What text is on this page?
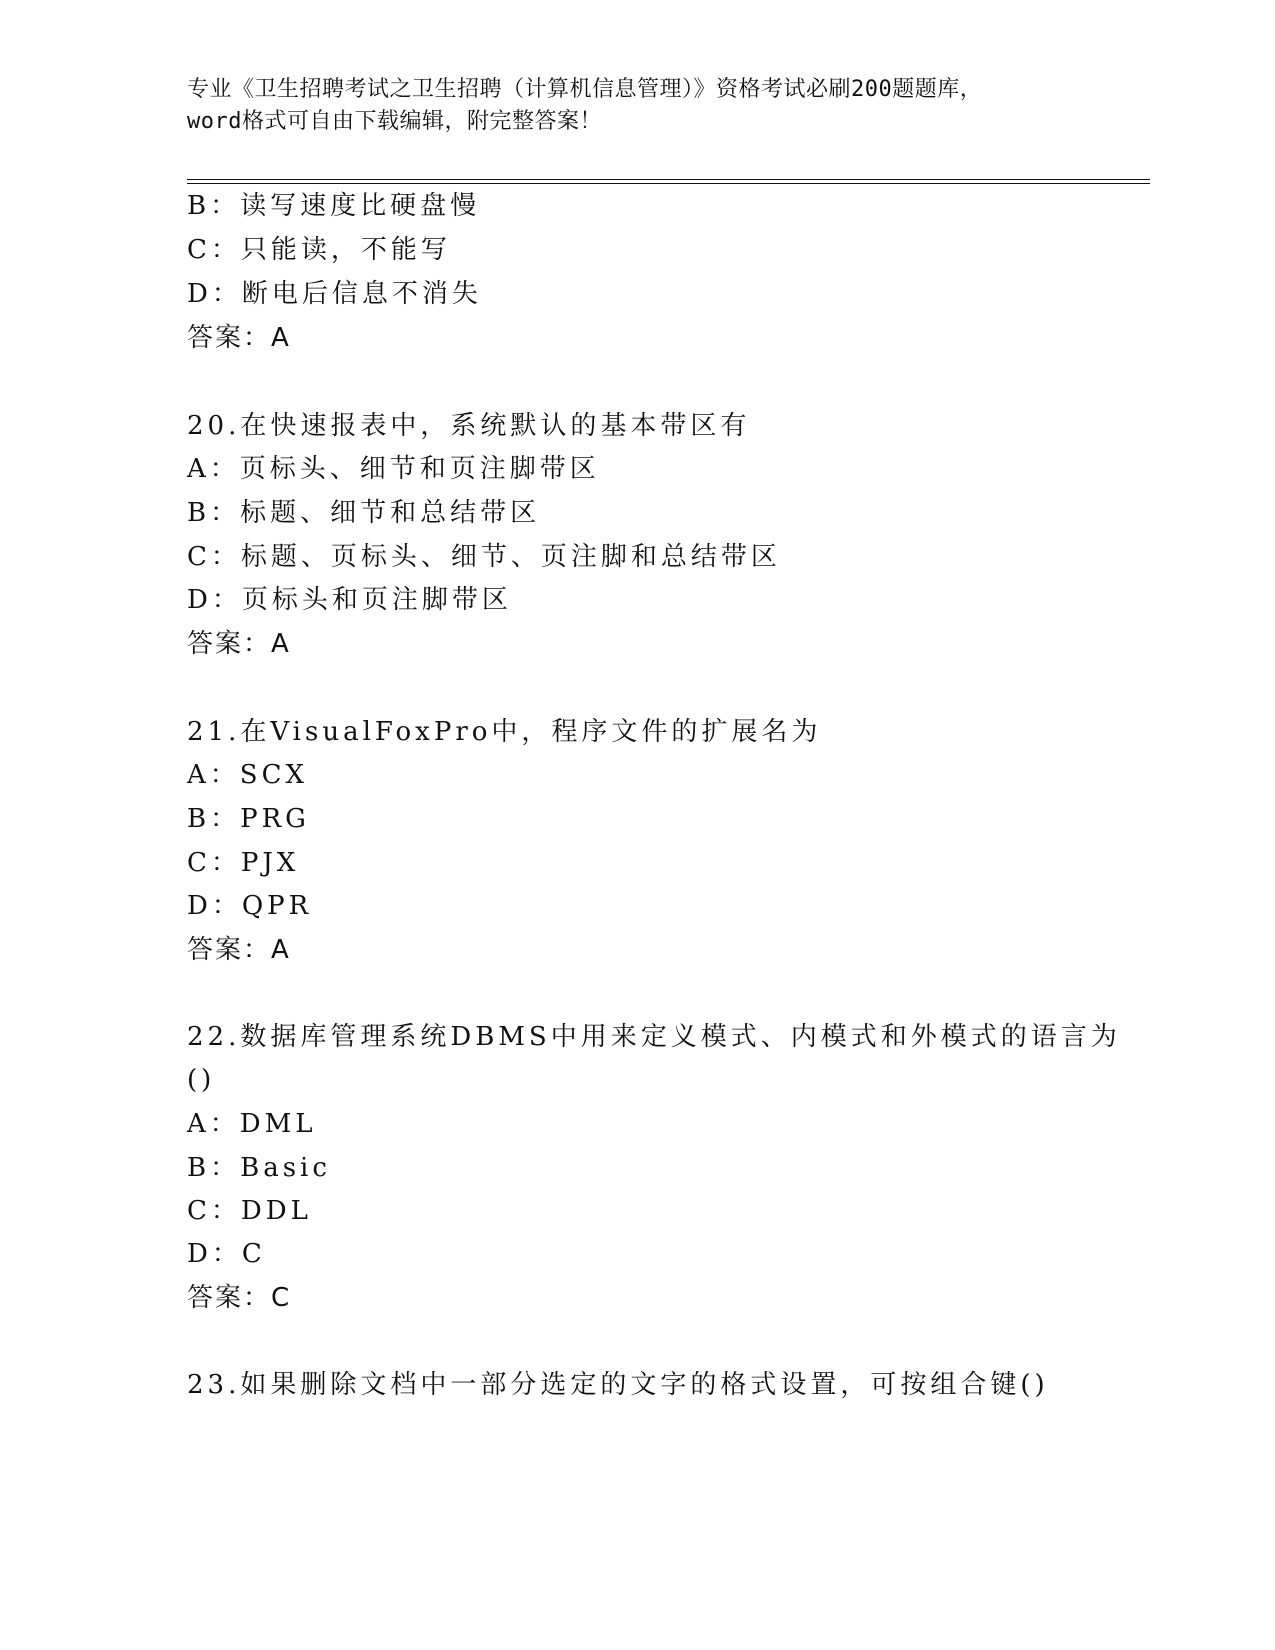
专业《卫生招聘考试之卫生招聘（计算机信息管理）》资格考试必刷200题题库，
word格式可自由下载编辑，附完整答案！
B：读写速度比硬盘慢
C：只能读，不能写
D：断电后信息不消失
答案：A
20.在快速报表中，系统默认的基本带区有
A：页标头、细节和页注脚带区
B：标题、细节和总结带区
C：标题、页标头、细节、页注脚和总结带区
D：页标头和页注脚带区
答案：A
21.在VisualFoxPro中，程序文件的扩展名为
A：SCX
B：PRG
C：PJX
D：QPR
答案：A
22.数据库管理系统DBMS中用来定义模式、内模式和外模式的语言为
()
A：DML
B：Basic
C：DDL
D：C
答案：C
23.如果删除文档中一部分选定的文字的格式设置，可按组合键()
